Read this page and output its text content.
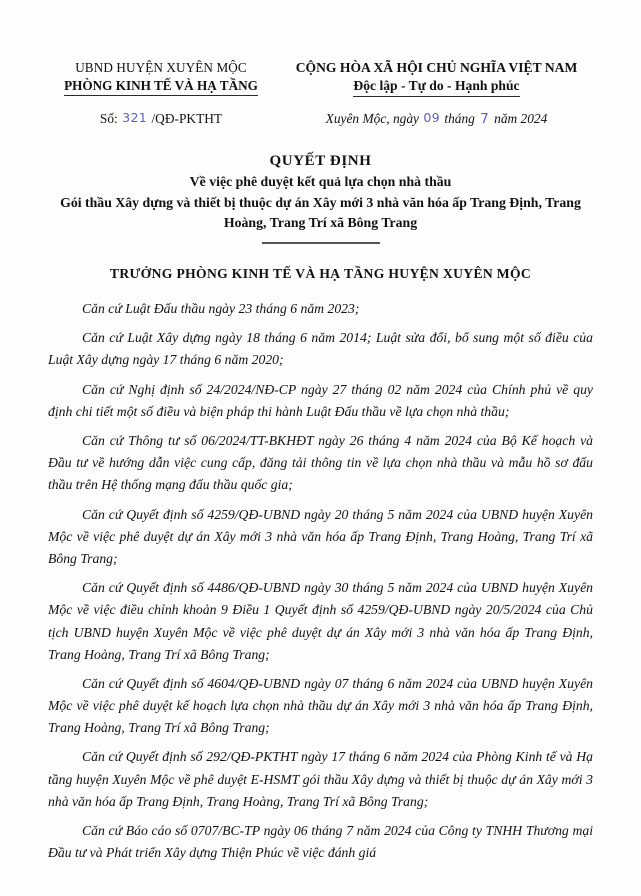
UBND HUYỆN XUYÊN MỘC
PHÒNG KINH TẾ VÀ HẠ TẦNG
CỘNG HÒA XÃ HỘI CHỦ NGHĨA VIỆT NAM
Độc lập - Tự do - Hạnh phúc
Số: 321 /QĐ-PKTHT	Xuyên Mộc, ngày 09 tháng 7 năm 2024
QUYẾT ĐỊNH
Về việc phê duyệt kết quả lựa chọn nhà thầu
Gói thầu Xây dựng và thiết bị thuộc dự án Xây mới 3 nhà văn hóa ấp Trang Định, Trang Hoàng, Trang Trí xã Bông Trang
TRƯỞNG PHÒNG KINH TẾ VÀ HẠ TẦNG HUYỆN XUYÊN MỘC

Căn cứ Luật Đấu thầu ngày 23 tháng 6 năm 2023;

Căn cứ Luật Xây dựng ngày 18 tháng 6 năm 2014; Luật sửa đổi, bổ sung một số điều của Luật Xây dựng ngày 17 tháng 6 năm 2020;

Căn cứ Nghị định số 24/2024/NĐ-CP ngày 27 tháng 02 năm 2024 của Chính phủ về quy định chi tiết một số điều và biện pháp thi hành Luật Đấu thầu về lựa chọn nhà thầu;

Căn cứ Thông tư số 06/2024/TT-BKHĐT ngày 26 tháng 4 năm 2024 của Bộ Kế hoạch và Đầu tư về hướng dẫn việc cung cấp, đăng tải thông tin về lựa chọn nhà thầu và mẫu hồ sơ đấu thầu trên Hệ thống mạng đấu thầu quốc gia;

Căn cứ Quyết định số 4259/QĐ-UBND ngày 20 tháng 5 năm 2024 của UBND huyện Xuyên Mộc về việc phê duyệt dự án Xây mới 3 nhà văn hóa ấp Trang Định, Trang Hoàng, Trang Trí xã Bông Trang;

Căn cứ Quyết định số 4486/QĐ-UBND ngày 30 tháng 5 năm 2024 của UBND huyện Xuyên Mộc về việc điều chỉnh khoản 9 Điều 1 Quyết định số 4259/QĐ-UBND ngày 20/5/2024 của Chủ tịch UBND huyện Xuyên Mộc về việc phê duyệt dự án Xây mới 3 nhà văn hóa ấp Trang Định, Trang Hoàng, Trang Trí xã Bông Trang;

Căn cứ Quyết định số 4604/QĐ-UBND ngày 07 tháng 6 năm 2024 của UBND huyện Xuyên Mộc về việc phê duyệt kế hoạch lựa chọn nhà thầu dự án Xây mới 3 nhà văn hóa ấp Trang Định, Trang Hoàng, Trang Trí xã Bông Trang;

Căn cứ Quyết định số 292/QĐ-PKTHT ngày 17 tháng 6 năm 2024 của Phòng Kinh tế và Hạ tầng huyện Xuyên Mộc về phê duyệt E-HSMT gói thầu Xây dựng và thiết bị thuộc dự án Xây mới 3 nhà văn hóa ấp Trang Định, Trang Hoàng, Trang Trí xã Bông Trang;

Căn cứ Báo cáo số 0707/BC-TP ngày 06 tháng 7 năm 2024 của Công ty TNHH Thương mại Đầu tư và Phát triển Xây dựng Thiện Phúc về việc đánh giá
